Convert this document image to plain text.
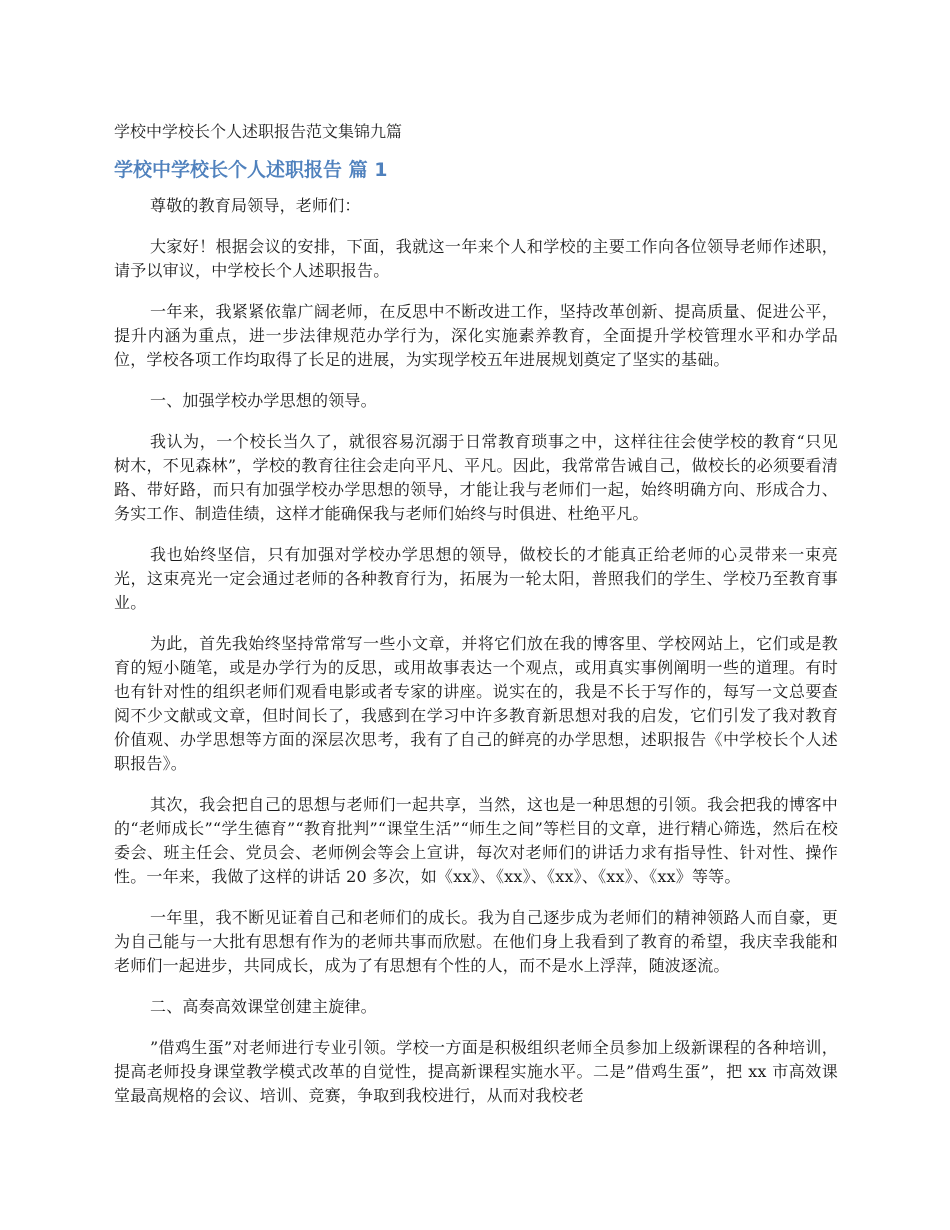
学校中学校长个人述职报告范文集锦九篇
学校中学校长个人述职报告 篇 1

尊敬的教育局领导，老师们：

大家好！根据会议的安排，下面，我就这一年来个人和学校的主要工作向各位领导老师作述职，请予以审议，中学校长个人述职报告。

一年来，我紧紧依靠广阔老师，在反思中不断改进工作，坚持改革创新、提高质量、促进公平，提升内涵为重点，进一步法律规范办学行为，深化实施素养教育，全面提升学校管理水平和办学品位，学校各项工作均取得了长足的进展，为实现学校五年进展规划奠定了坚实的基础。

一、加强学校办学思想的领导。

我认为，一个校长当久了，就很容易沉溺于日常教育琐事之中，这样往往会使学校的教育“只见树木，不见森林”，学校的教育往往会走向平凡、平凡。因此，我常常告诫自己，做校长的必须要看清路、带好路，而只有加强学校办学思想的领导，才能让我与老师们一起，始终明确方向、形成合力、务实工作、制造佳绩，这样才能确保我与老师们始终与时俱进、杜绝平凡。

我也始终坚信，只有加强对学校办学思想的领导，做校长的才能真正给老师的心灵带来一束亮光，这束亮光一定会通过老师的各种教育行为，拓展为一轮太阳，普照我们的学生、学校乃至教育事业。

为此，首先我始终坚持常常写一些小文章，并将它们放在我的博客里、学校网站上，它们或是教育的短小随笔，或是办学行为的反思，或用故事表达一个观点，或用真实事例阐明一些的道理。有时也有针对性的组织老师们观看电影或者专家的讲座。说实在的，我是不长于写作的，每写一文总要查阅不少文献或文章，但时间长了，我感到在学习中许多教育新思想对我的启发，它们引发了我对教育价值观、办学思想等方面的深层次思考，我有了自己的鲜亮的办学思想，述职报告《中学校长个人述职报告》。

其次，我会把自己的思想与老师们一起共享，当然，这也是一种思想的引领。我会把我的博客中的“老师成长”“学生德育”“教育批判”“课堂生活”“师生之间”等栏目的文章，进行精心筛选，然后在校委会、班主任会、党员会、老师例会等会上宣讲，每次对老师们的讲话力求有指导性、针对性、操作性。一年来，我做了这样的讲话 20 多次，如《xx》、《xx》、《xx》、《xx》、《xx》等等。

一年里，我不断见证着自己和老师们的成长。我为自己逐步成为老师们的精神领路人而自豪，更为自己能与一大批有思想有作为的老师共事而欣慰。在他们身上我看到了教育的希望，我庆幸我能和老师们一起进步，共同成长，成为了有思想有个性的人，而不是水上浮萍，随波逐流。

二、高奏高效课堂创建主旋律。

”借鸡生蛋”对老师进行专业引领。学校一方面是积极组织老师全员参加上级新课程的各种培训，提高老师投身课堂教学模式改革的自觉性，提高新课程实施水平。二是”借鸡生蛋”，把 xx 市高效课堂最高规格的会议、培训、竞赛，争取到我校进行，从而对我校老
